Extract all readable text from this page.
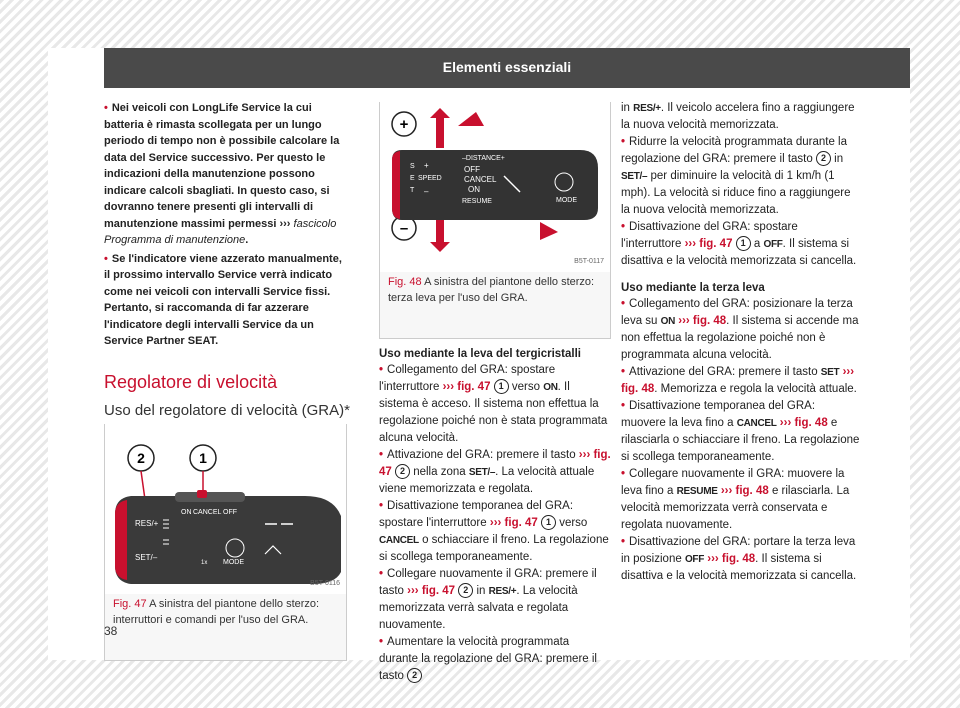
Elementi essenziali
• Nei veicoli con LongLife Service la cui batteria è rimasta scollegata per un lungo periodo di tempo non è possibile calcolare la data del Service successivo. Per questo le indicazioni della manutenzione possono indicare calcoli sbagliati. In questo caso, si dovranno tenere presenti gli intervalli di manutenzione massimi permessi ››› fascicolo Programma di manutenzione.
• Se l'indicatore viene azzerato manualmente, il prossimo intervallo Service verrà indicato come nei veicoli con intervalli Service fissi. Pertanto, si raccomanda di far azzerare l'indicatore degli intervalli Service da un Service Partner SEAT.
Regolatore di velocità
Uso del regolatore di velocità (GRA)*
2	1
ON CANCEL OFF
RES/+
SET/–
MODE
1x
B5T-0116
Fig. 47 A sinistra del piantone dello sterzo: interruttori e comandi per l'uso del GRA.
+
–
S
E
T
SPEED
+
–
–DISTANCE+
OFF
CANCEL
ON
RESUME	MODE
B5T-0117
Fig. 48 A sinistra del piantone dello sterzo: terza leva per l'uso del GRA.
Uso mediante la leva del tergicristalli
• Collegamento del GRA: spostare l'interruttore ››› fig. 47 1 verso ON. Il sistema è acceso. Il sistema non effettua la regolazione poiché non è stata programmata alcuna velocità.
• Attivazione del GRA: premere il tasto ››› fig. 47 2 nella zona SET/–. La velocità attuale viene memorizzata e regolata.
• Disattivazione temporanea del GRA: spostare l'interruttore ››› fig. 47 1 verso CANCEL o schiacciare il freno. La regolazione si scollega temporaneamente.
• Collegare nuovamente il GRA: premere il tasto ››› fig. 47 2 in RES/+. La velocità memorizzata verrà salvata e regolata nuovamente.
• Aumentare la velocità programmata durante la regolazione del GRA: premere il tasto 2
in RES/+. Il veicolo accelera fino a raggiungere la nuova velocità memorizzata.
• Ridurre la velocità programmata durante la regolazione del GRA: premere il tasto 2 in SET/– per diminuire la velocità di 1 km/h (1 mph). La velocità si riduce fino a raggiungere la nuova velocità memorizzata.
• Disattivazione del GRA: spostare l'interruttore ››› fig. 47 1 a OFF. Il sistema si disattiva e la velocità memorizzata si cancella.
Uso mediante la terza leva
• Collegamento del GRA: posizionare la terza leva su ON ››› fig. 48. Il sistema si accende ma non effettua la regolazione poiché non è programmata alcuna velocità.
• Attivazione del GRA: premere il tasto SET ››› fig. 48. Memorizza e regola la velocità attuale.
• Disattivazione temporanea del GRA: muovere la leva fino a CANCEL ››› fig. 48 e rilasciarla o schiacciare il freno. La regolazione si scollega temporaneamente.
• Collegare nuovamente il GRA: muovere la leva fino a RESUME ››› fig. 48 e rilasciarla. La velocità memorizzata verrà conservata e regolata nuovamente.
• Disattivazione del GRA: portare la terza leva in posizione OFF ››› fig. 48. Il sistema si disattiva e la velocità memorizzata si cancella.
38
